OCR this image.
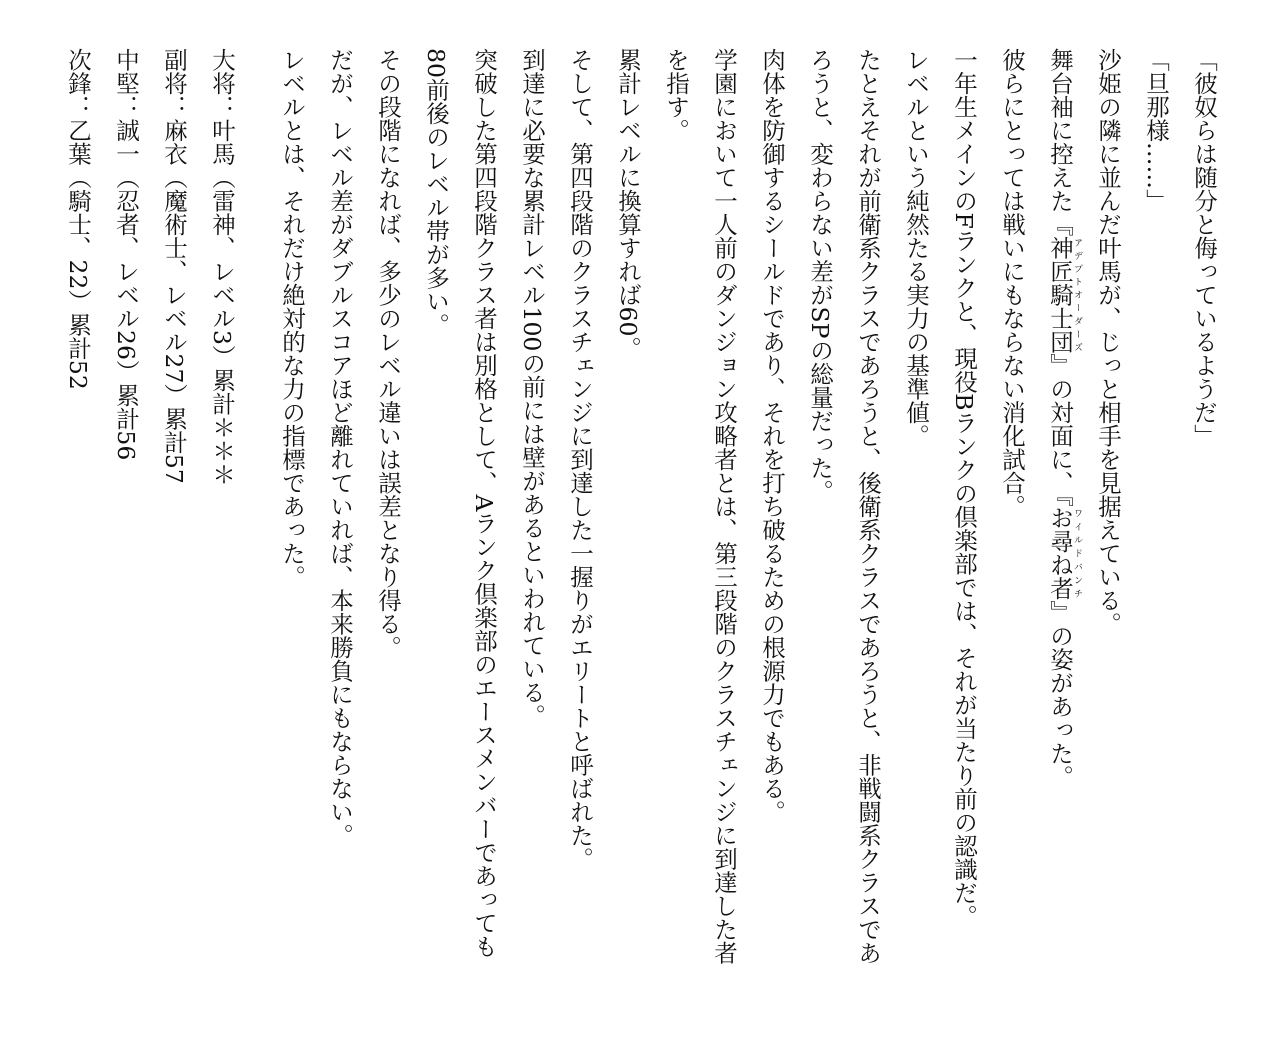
「彼奴らは随分と侮っているようだ」

「旦那様……」

沙姫の隣に並んだ叶馬が、じっと相手を見据えている。

舞台袖に控えた『神匠騎士団アデプトオーダーズ』の対面に、『お尋ね者ワイルドバンチ』の姿があった。

彼らにとっては戦いにもならない消化試合。

一年生メインのFランクと、現役Bランクの倶楽部では、それが当たり前の認識だ。

レベルという純然たる実力の基準値。

たとえそれが前衛系クラスであろうと、後衛系クラスであろうと、非戦闘系クラスであ

ろうと、変わらない差がSPの総量だった。

肉体を防御するシールドであり、それを打ち破るための根源力でもある。

学園において一人前のダンジョン攻略者とは、第三段階のクラスチェンジに到達した者

を指す。

累計レベルに換算すれば60。

そして、第四段階のクラスチェンジに到達した一握りがエリートと呼ばれた。

到達に必要な累計レベル100の前には壁があるといわれている。

突破した第四段階クラス者は別格として、Aランク倶楽部のエースメンバーであっても

80前後のレベル帯が多い。

その段階になれば、多少のレベル違いは誤差となり得る。

だが、レベル差がダブルスコアほど離れていれば、本来勝負にもならない。

レベルとは、それだけ絶対的な力の指標であった。

大将：叶馬（雷神、レベル3）累計＊＊＊

副将：麻衣（魔術士、レベル27）累計57

中堅：誠一（忍者、レベル26）累計56

次鋒：乙葉（騎士、22）累計52
